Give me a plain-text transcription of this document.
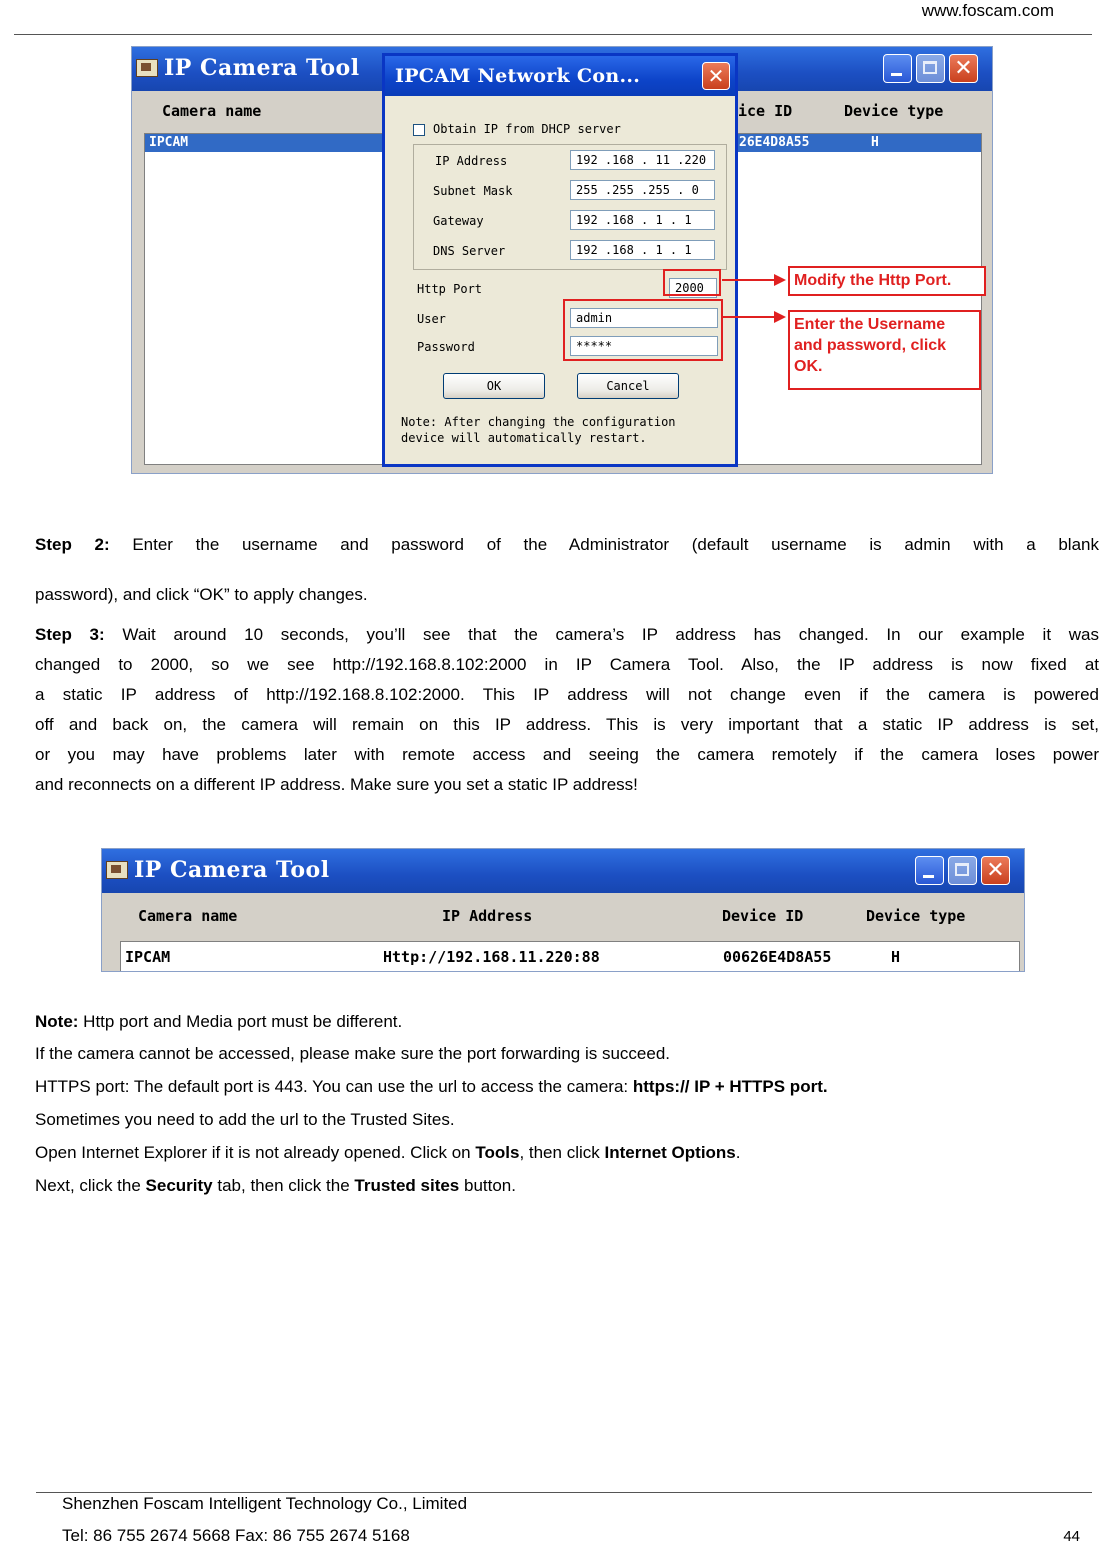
www.foscam.com
IP Camera Tool	✕
Camera name	ice ID	Device type
IPCAM	26E4D8A55	H
IPCAM Network Con...	✕
Obtain IP from DHCP server
IP Address	192 .168 . 11 .220
Subnet Mask	255 .255 .255 . 0
Gateway	192 .168 . 1 . 1
DNS Server	192 .168 . 1 . 1
Http Port	2000
User	admin
Password	*****
OK	Cancel
Note: After changing the configuration
device will automatically restart.
Modify the Http Port.
Enter the Username and password, click OK.
Step 2: Enter the username and password of the Administrator (default username is admin with a blank
password), and click “OK” to apply changes.
Step 3: Wait around 10 seconds, you’ll see that the camera’s IP address has changed. In our example it was
changed to 2000, so we see http://192.168.8.102:2000 in IP Camera Tool. Also, the IP address is now fixed at
a static IP address of http://192.168.8.102:2000. This IP address will not change even if the camera is powered
off and back on, the camera will remain on this IP address. This is very important that a static IP address is set,
or you may have problems later with remote access and seeing the camera remotely if the camera loses power
and reconnects on a different IP address. Make sure you set a static IP address!
IP Camera Tool	✕
Camera name	IP Address	Device ID	Device type
IPCAM	Http://192.168.11.220:88	00626E4D8A55	H
Note: Http port and Media port must be different.
If the camera cannot be accessed, please make sure the port forwarding is succeed.
HTTPS port: The default port is 443. You can use the url to access the camera: https:// IP + HTTPS port.
Sometimes you need to add the url to the Trusted Sites.
Open Internet Explorer if it is not already opened. Click on Tools, then click Internet Options.
Next, click the Security tab, then click the Trusted sites button.
Shenzhen Foscam Intelligent Technology Co., Limited
Tel: 86 755 2674 5668 Fax: 86 755 2674 5168	44
